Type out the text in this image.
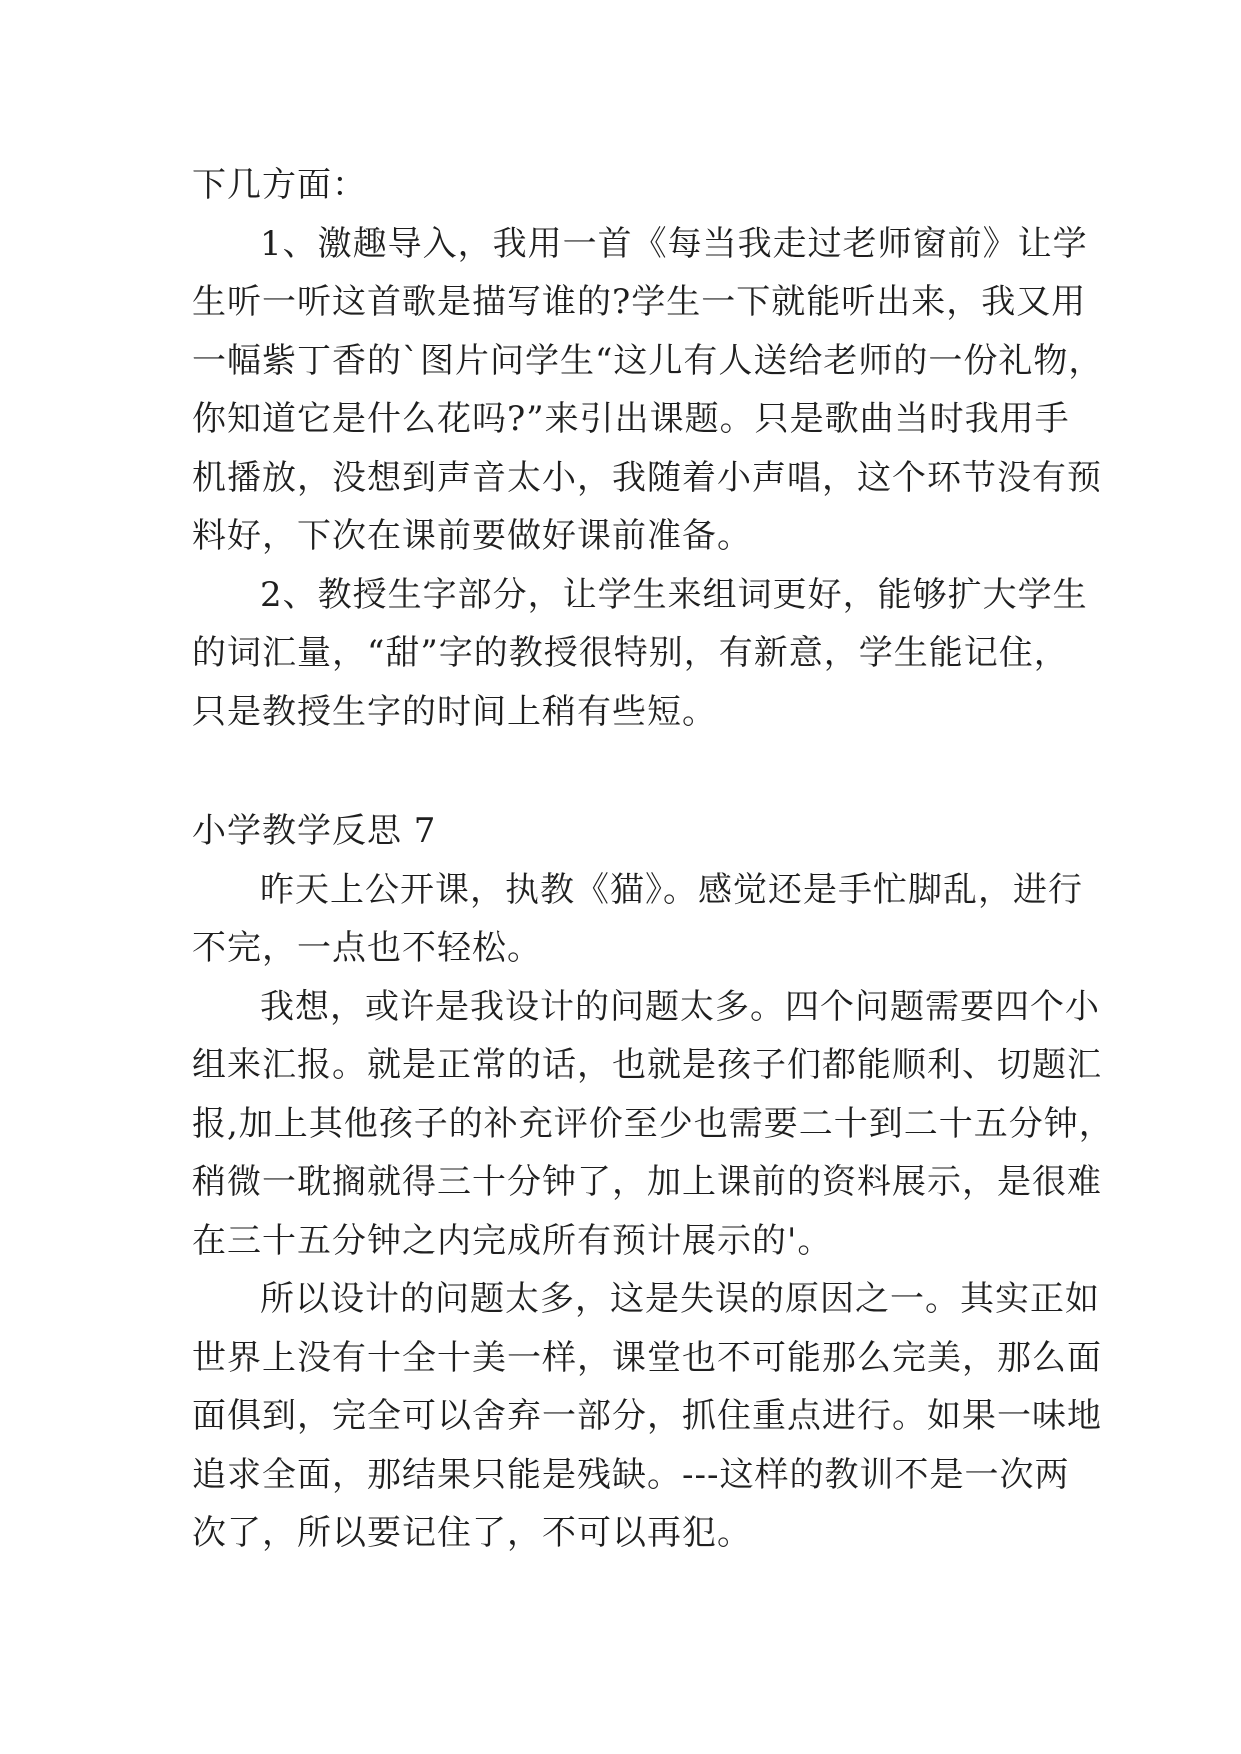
下几方面：
1、激趣导入，我用一首《每当我走过老师窗前》让学
生听一听这首歌是描写谁的?学生一下就能听出来，我又用
一幅紫丁香的`图片问学生“这儿有人送给老师的一份礼物，
你知道它是什么花吗?”来引出课题。只是歌曲当时我用手
机播放，没想到声音太小，我随着小声唱，这个环节没有预
料好，下次在课前要做好课前准备。
2、教授生字部分，让学生来组词更好，能够扩大学生
的词汇量，“甜”字的教授很特别，有新意，学生能记住，
只是教授生字的时间上稍有些短。
小学教学反思 7
昨天上公开课，执教《猫》。感觉还是手忙脚乱，进行
不完，一点也不轻松。
我想，或许是我设计的问题太多。四个问题需要四个小
组来汇报。就是正常的话，也就是孩子们都能顺利、切题汇
报,加上其他孩子的补充评价至少也需要二十到二十五分钟，
稍微一耽搁就得三十分钟了，加上课前的资料展示，是很难
在三十五分钟之内完成所有预计展示的'。
所以设计的问题太多，这是失误的原因之一。其实正如
世界上没有十全十美一样，课堂也不可能那么完美，那么面
面俱到，完全可以舍弃一部分，抓住重点进行。如果一味地
追求全面，那结果只能是残缺。---这样的教训不是一次两
次了，所以要记住了，不可以再犯。
